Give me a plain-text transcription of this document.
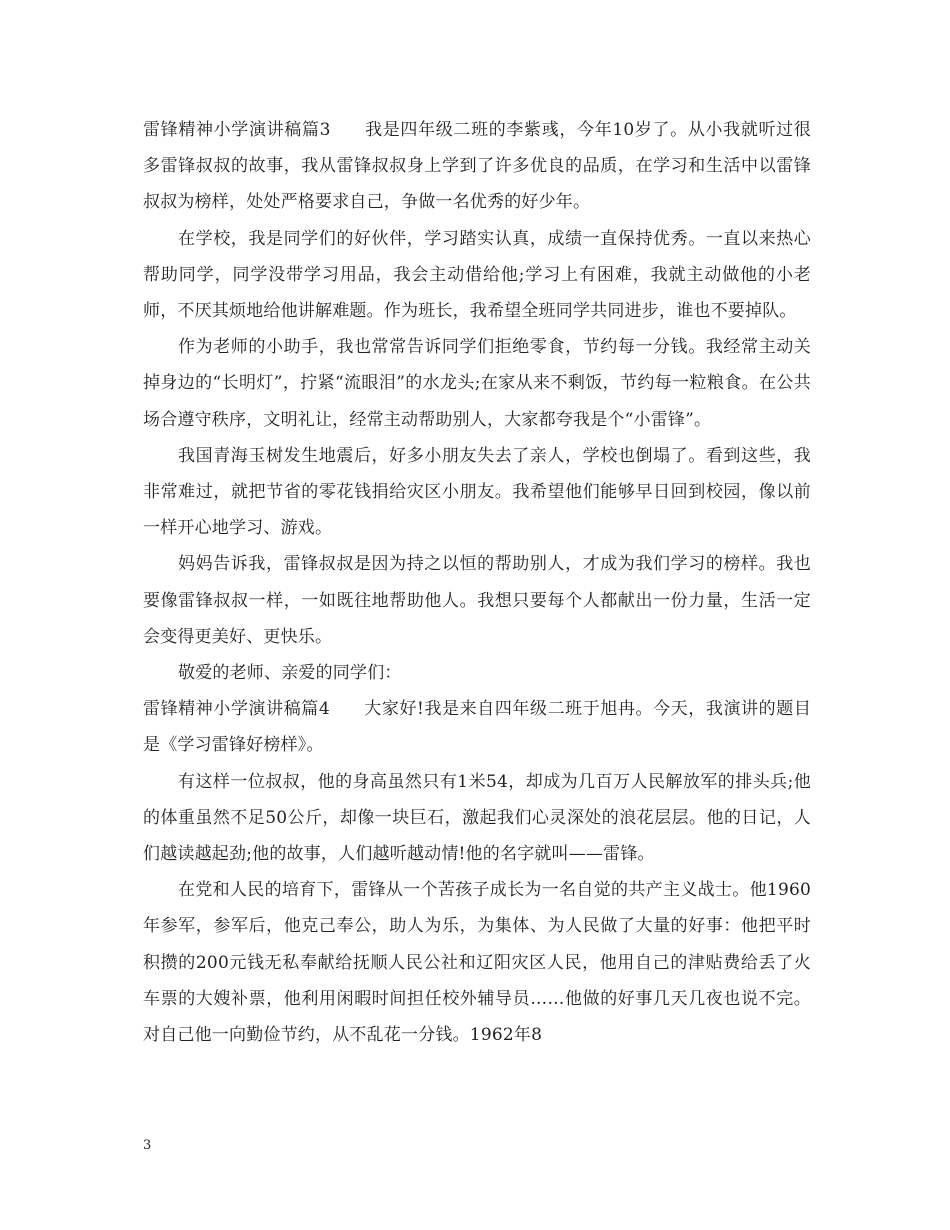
雷锋精神小学演讲稿篇3 我是四年级二班的李紫彧，今年10岁了。从小我就听过很多雷锋叔叔的故事，我从雷锋叔叔身上学到了许多优良的品质，在学习和生活中以雷锋叔叔为榜样，处处严格要求自己，争做一名优秀的好少年。

在学校，我是同学们的好伙伴，学习踏实认真，成绩一直保持优秀。一直以来热心帮助同学，同学没带学习用品，我会主动借给他;学习上有困难，我就主动做他的小老师，不厌其烦地给他讲解难题。作为班长，我希望全班同学共同进步，谁也不要掉队。

作为老师的小助手，我也常常告诉同学们拒绝零食，节约每一分钱。我经常主动关掉身边的“长明灯”，拧紧“流眼泪”的水龙头;在家从来不剩饭，节约每一粒粮食。在公共场合遵守秩序，文明礼让，经常主动帮助别人，大家都夸我是个“小雷锋”。

我国青海玉树发生地震后，好多小朋友失去了亲人，学校也倒塌了。看到这些，我非常难过，就把节省的零花钱捐给灾区小朋友。我希望他们能够早日回到校园，像以前一样开心地学习、游戏。

妈妈告诉我，雷锋叔叔是因为持之以恒的帮助别人，才成为我们学习的榜样。我也要像雷锋叔叔一样，一如既往地帮助他人。我想只要每个人都献出一份力量，生活一定会变得更美好、更快乐。

敬爱的老师、亲爱的同学们：

雷锋精神小学演讲稿篇4 大家好!我是来自四年级二班于旭冉。今天，我演讲的题目是《学习雷锋好榜样》。

有这样一位叔叔，他的身高虽然只有1米54，却成为几百万人民解放军的排头兵;他的体重虽然不足50公斤，却像一块巨石，激起我们心灵深处的浪花层层。他的日记，人们越读越起劲;他的故事，人们越听越动情!他的名字就叫——雷锋。

在党和人民的培育下，雷锋从一个苦孩子成长为一名自觉的共产主义战士。他1960年参军，参军后，他克己奉公，助人为乐，为集体、为人民做了大量的好事：他把平时积攒的200元钱无私奉献给抚顺人民公社和辽阳灾区人民，他用自己的津贴费给丢了火车票的大嫂补票，他利用闲暇时间担任校外辅导员……他做的好事几天几夜也说不完。对自己他一向勤俭节约，从不乱花一分钱。1962年8

3
